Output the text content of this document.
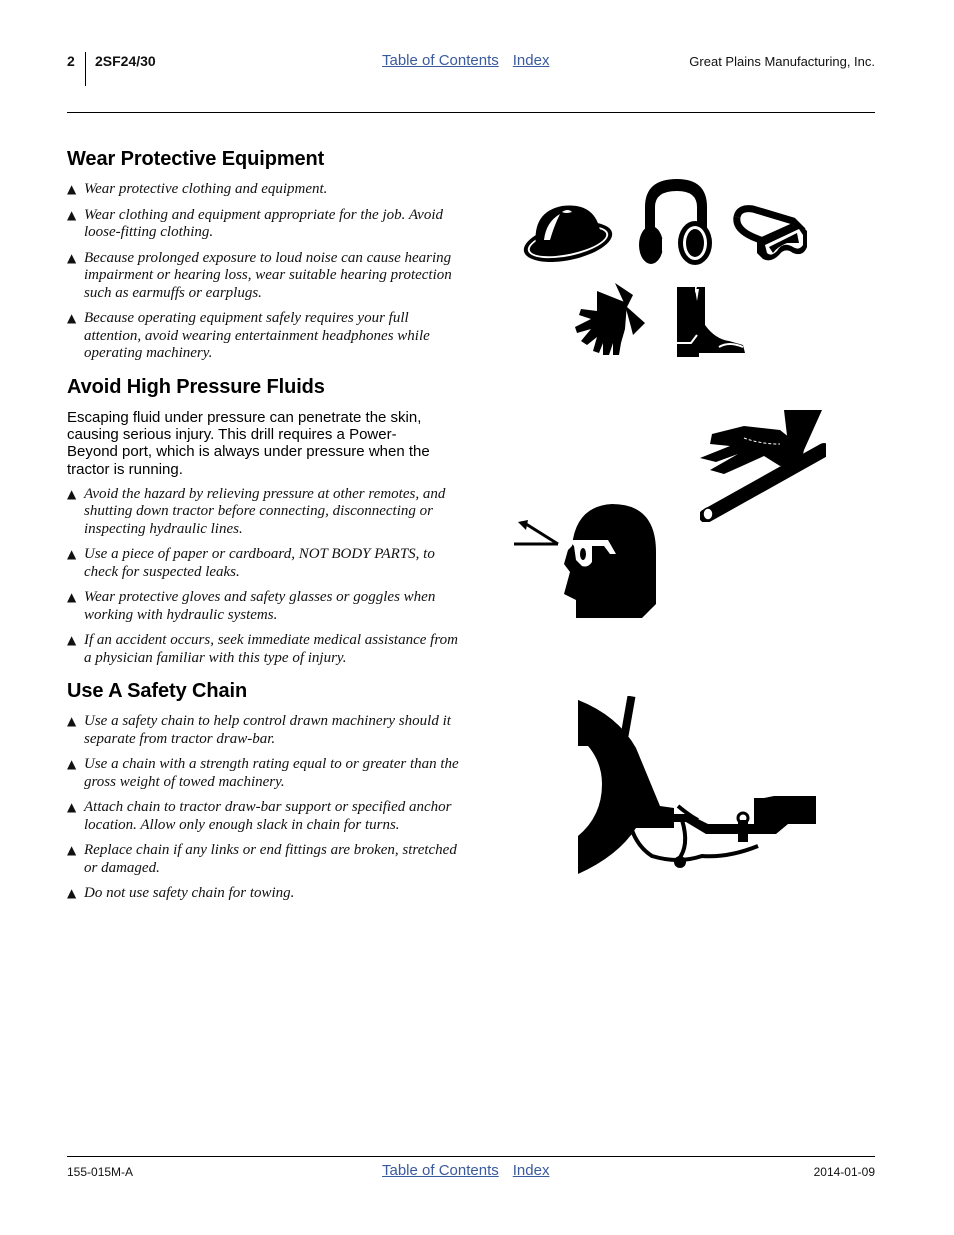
2 2SF24/30	Table of Contents Index	Great Plains Manufacturing, Inc.
Wear Protective Equipment
▲ Wear protective clothing and equipment.
▲ Wear clothing and equipment appropriate for the job. Avoid loose-fitting clothing.
▲ Because prolonged exposure to loud noise can cause hearing impairment or hearing loss, wear suitable hearing protection such as earmuffs or earplugs.
▲ Because operating equipment safely requires your full attention, avoid wearing entertainment headphones while operating machinery.
Avoid High Pressure Fluids

Escaping fluid under pressure can penetrate the skin, causing serious injury. This drill requires a Power-Beyond port, which is always under pressure when the tractor is running.

▲ Avoid the hazard by relieving pressure at other remotes, and shutting down tractor before connecting, disconnecting or inspecting hydraulic lines.
▲ Use a piece of paper or cardboard, NOT BODY PARTS, to check for suspected leaks.
▲ Wear protective gloves and safety glasses or goggles when working with hydraulic systems.
▲ If an accident occurs, seek immediate medical assistance from a physician familiar with this type of injury.
Use A Safety Chain
▲ Use a safety chain to help control drawn machinery should it separate from tractor draw-bar.
▲ Use a chain with a strength rating equal to or greater than the gross weight of towed machinery.
▲ Attach chain to tractor draw-bar support or specified anchor location. Allow only enough slack in chain for turns.
▲ Replace chain if any links or end fittings are broken, stretched or damaged.
▲ Do not use safety chain for towing.
155-015M-A	Table of Contents Index	2014-01-09
